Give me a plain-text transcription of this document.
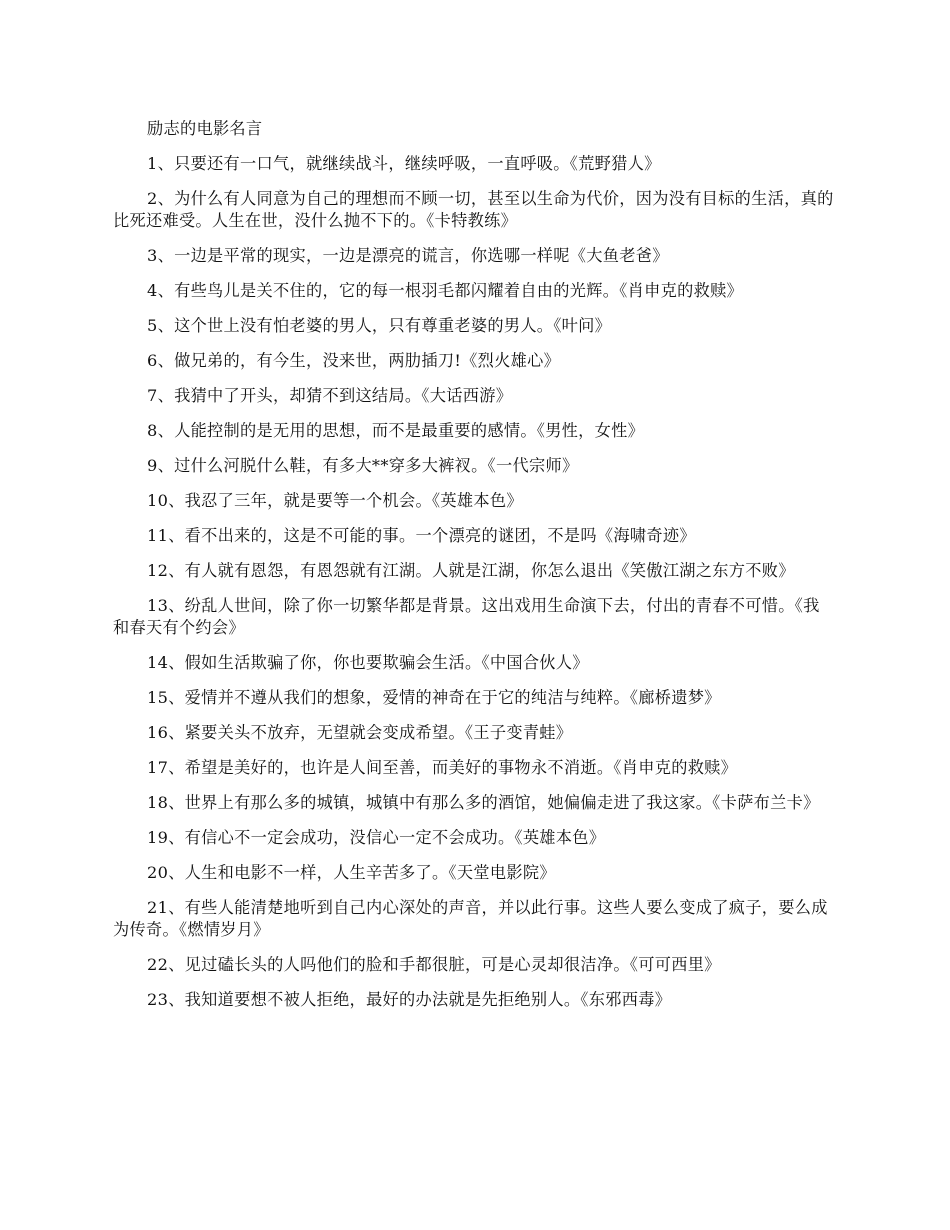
励志的电影名言

1、只要还有一口气，就继续战斗，继续呼吸，一直呼吸。《荒野猎人》

2、为什么有人同意为自己的理想而不顾一切，甚至以生命为代价，因为没有目标的生活，真的比死还难受。人生在世，没什么抛不下的。《卡特教练》

3、一边是平常的现实，一边是漂亮的谎言，你选哪一样呢《大鱼老爸》

4、有些鸟儿是关不住的，它的每一根羽毛都闪耀着自由的光辉。《肖申克的救赎》

5、这个世上没有怕老婆的男人，只有尊重老婆的男人。《叶问》

6、做兄弟的，有今生，没来世，两肋插刀!《烈火雄心》

7、我猜中了开头，却猜不到这结局。《大话西游》

8、人能控制的是无用的思想，而不是最重要的感情。《男性，女性》

9、过什么河脱什么鞋，有多大**穿多大裤衩。《一代宗师》

10、我忍了三年，就是要等一个机会。《英雄本色》

11、看不出来的，这是不可能的事。一个漂亮的谜团，不是吗《海啸奇迹》

12、有人就有恩怨，有恩怨就有江湖。人就是江湖，你怎么退出《笑傲江湖之东方不败》

13、纷乱人世间，除了你一切繁华都是背景。这出戏用生命演下去，付出的青春不可惜。《我和春天有个约会》

14、假如生活欺骗了你，你也要欺骗会生活。《中国合伙人》

15、爱情并不遵从我们的想象，爱情的神奇在于它的纯洁与纯粹。《廊桥遗梦》

16、紧要关头不放弃，无望就会变成希望。《王子变青蛙》

17、希望是美好的，也许是人间至善，而美好的事物永不消逝。《肖申克的救赎》

18、世界上有那么多的城镇，城镇中有那么多的酒馆，她偏偏走进了我这家。《卡萨布兰卡》

19、有信心不一定会成功，没信心一定不会成功。《英雄本色》

20、人生和电影不一样，人生辛苦多了。《天堂电影院》

21、有些人能清楚地听到自己内心深处的声音，并以此行事。这些人要么变成了疯子，要么成为传奇。《燃情岁月》

22、见过磕长头的人吗他们的脸和手都很脏，可是心灵却很洁净。《可可西里》

23、我知道要想不被人拒绝，最好的办法就是先拒绝别人。《东邪西毒》
